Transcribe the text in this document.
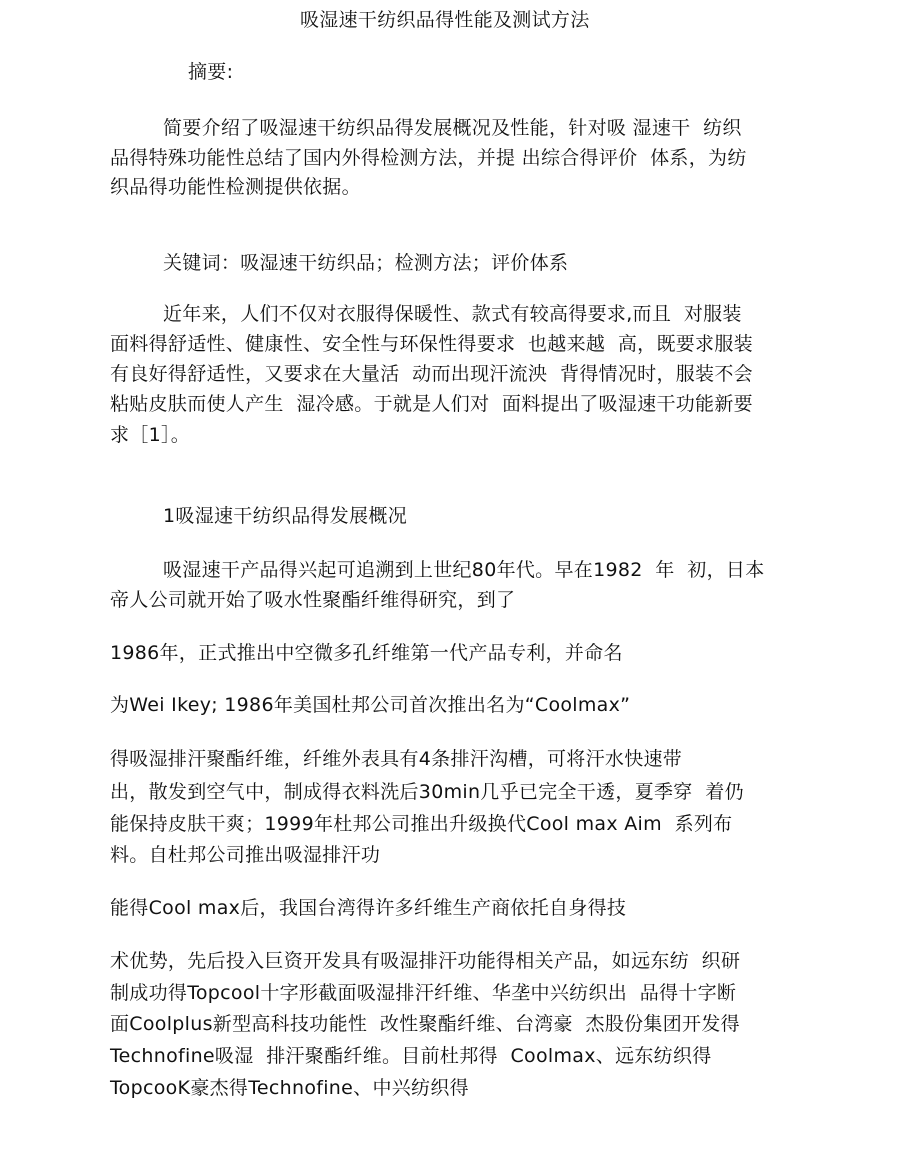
吸湿速干纺织品得性能及测试方法
摘要:
简要介绍了吸湿速干纺织品得发展概况及性能，针对吸 湿速干  纺织
品得特殊功能性总结了国内外得检测方法，并提 出综合得评价  体系，为纺
织品得功能性检测提供依据。
关键词：吸湿速干纺织品；检测方法；评价体系
近年来，人们不仅对衣服得保暖性、款式有较高得要求,而且  对服装
面料得舒适性、健康性、安全性与环保性得要求  也越来越  高，既要求服装
有良好得舒适性，又要求在大量活  动而出现汗流泱  背得情况时，服装不会
粘贴皮肤而使人产生  湿冷感。于就是人们对  面料提出了吸湿速干功能新要
求［1］。
1吸湿速干纺织品得发展概况
吸湿速干产品得兴起可追溯到上世纪80年代。早在1982  年  初，日本
帝人公司就开始了吸水性聚酯纤维得研究，到了
1986年，正式推出中空微多孔纤维第一代产品专利，并命名
为Wei Ikey; 1986年美国杜邦公司首次推出名为“Coolmax”
得吸湿排汗聚酯纤维，纤维外表具有4条排汗沟槽，可将汗水快速带
出，散发到空气中，制成得衣料洗后30min几乎已完全干透，夏季穿  着仍
能保持皮肤干爽；1999年杜邦公司推出升级换代Cool max Aim  系列布
料。自杜邦公司推出吸湿排汗功
能得Cool max后，我国台湾得许多纤维生产商依托自身得技
术优势，先后投入巨资开发具有吸湿排汗功能得相关产品，如远东纺  织研
制成功得Topcool十字形截面吸湿排汗纤维、华垄中兴纺织出  品得十字断
面Coolplus新型高科技功能性  改性聚酯纤维、台湾豪  杰股份集团开发得
Technofine吸湿  排汗聚酯纤维。目前杜邦得  Coolmax、远东纺织得
TopcooK豪杰得Technofine、中兴纺织得
